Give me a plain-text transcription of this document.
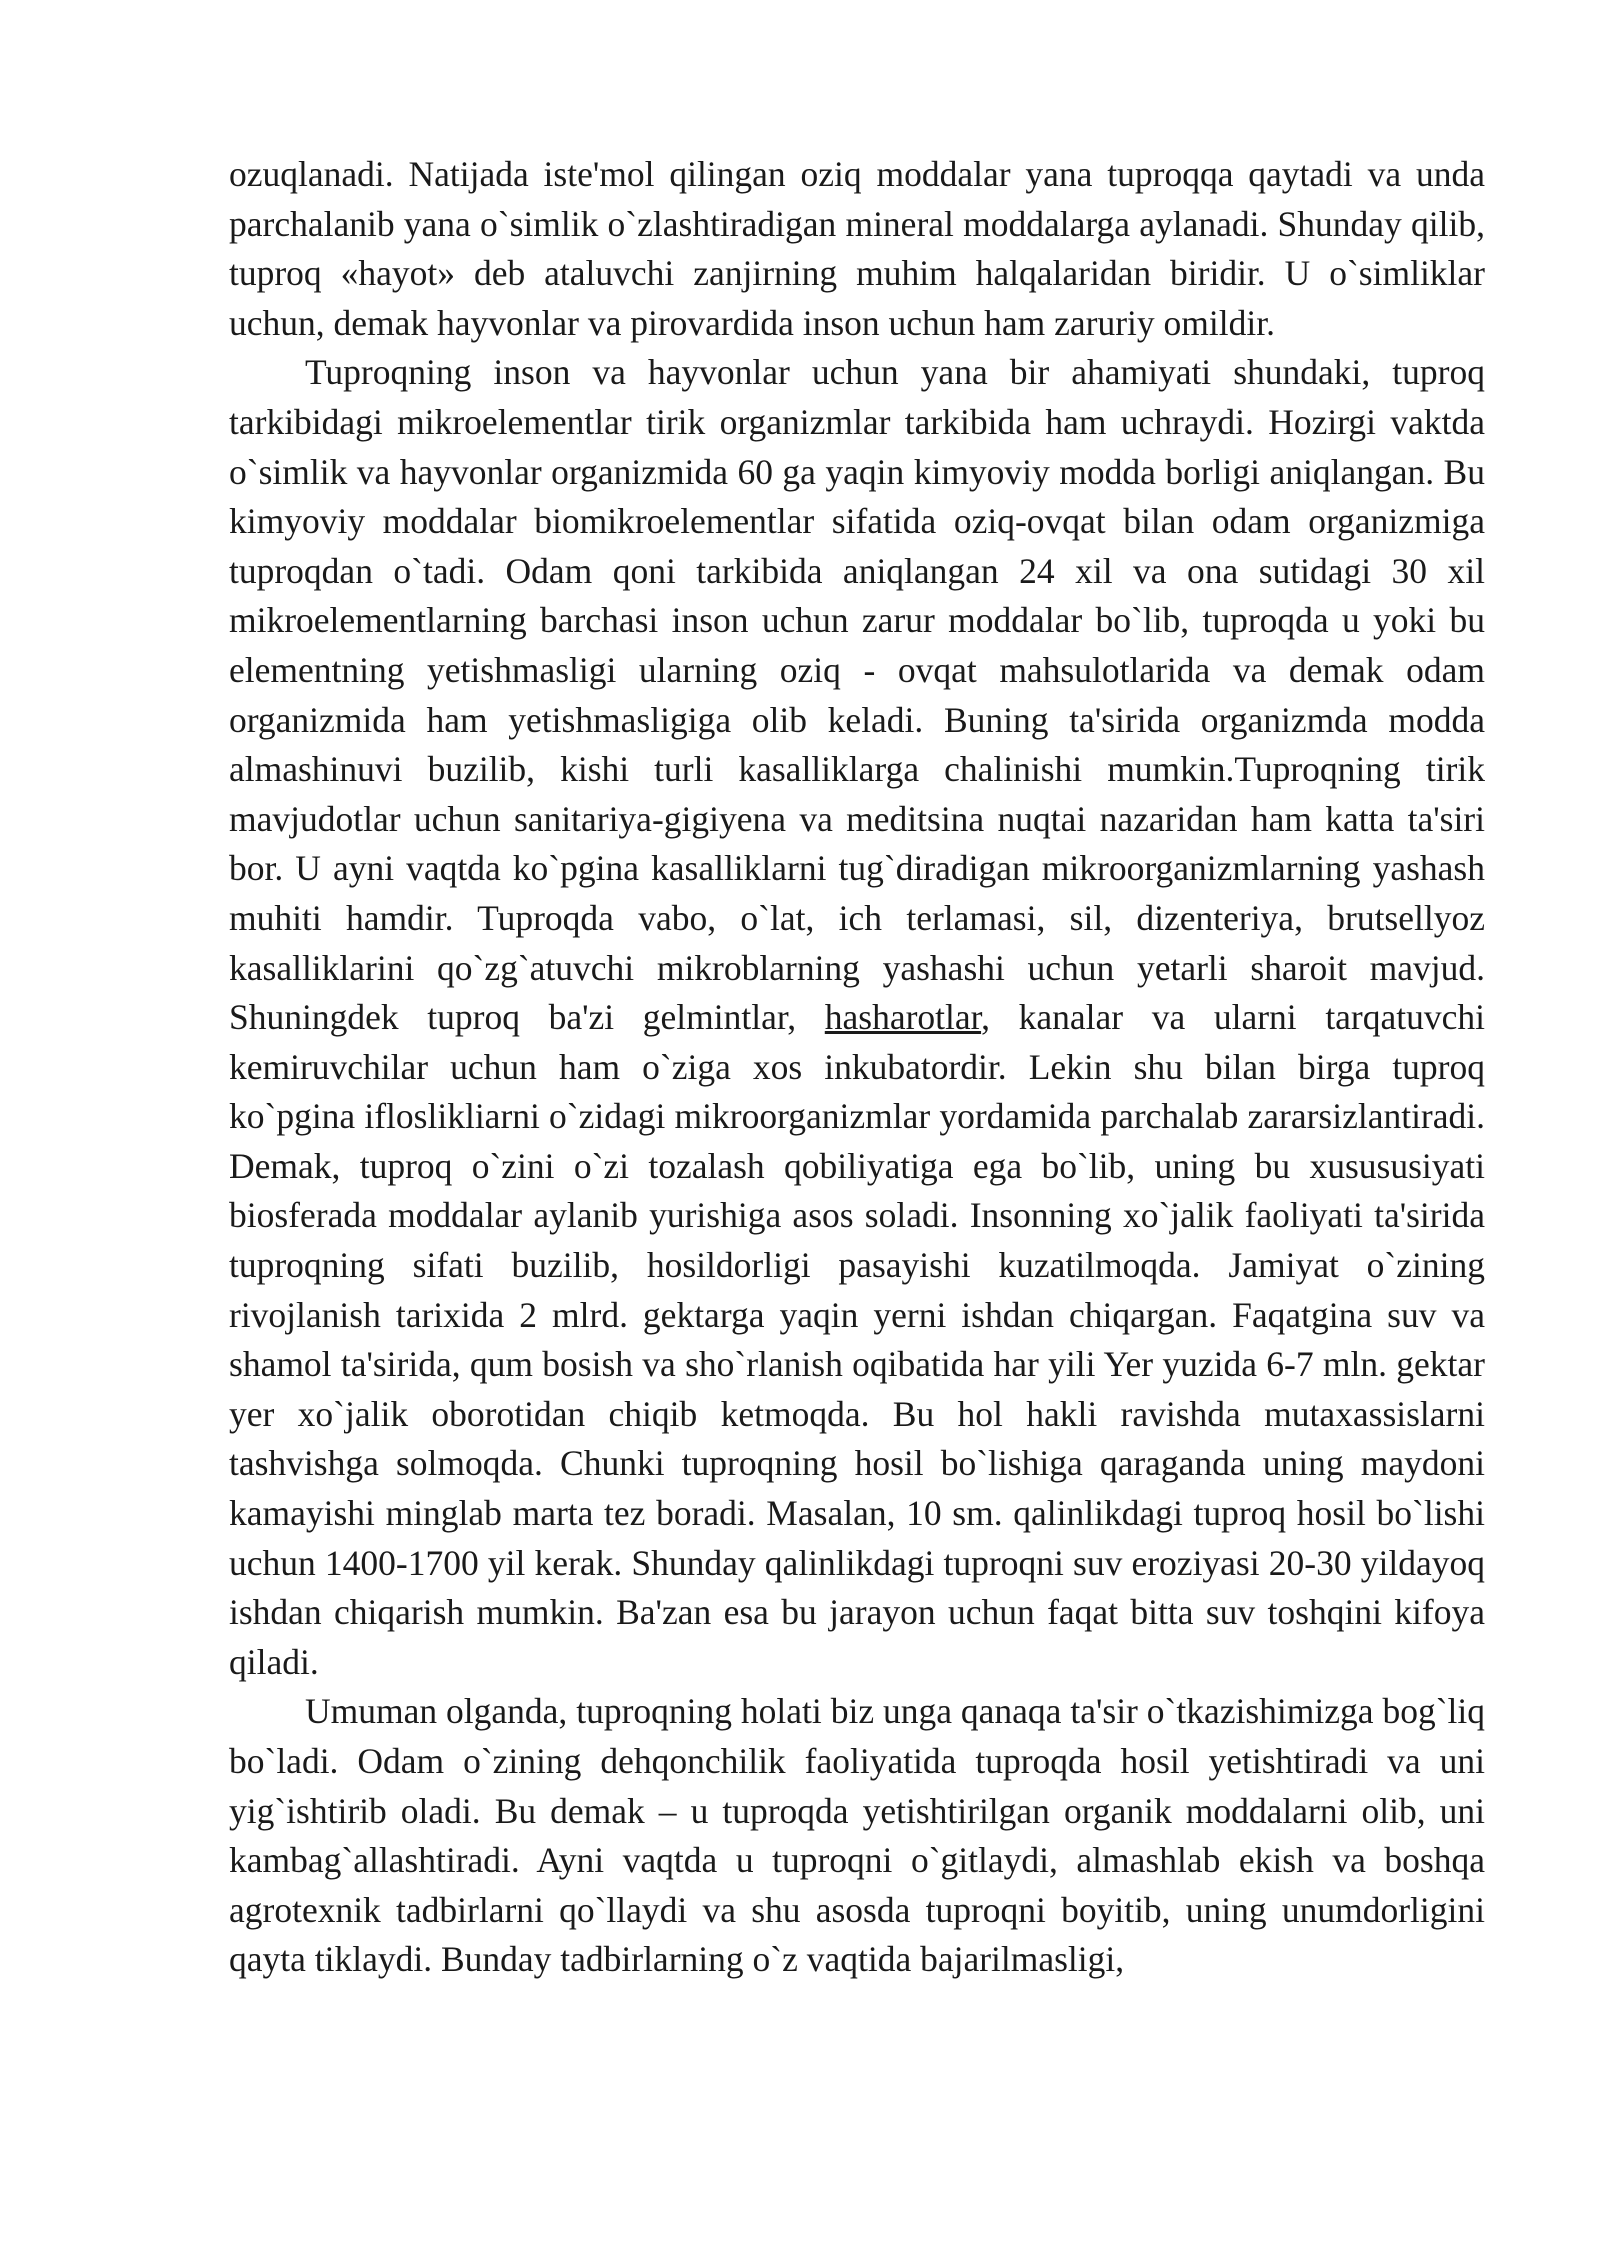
ozuqlanadi. Natijada iste'mol qilingan oziq moddalar yana tuproqqa qaytadi va unda parchalanib yana o`simlik o`zlashtiradigan mineral moddalarga aylanadi. Shunday qilib, tuproq «hayot» deb ataluvchi zanjirning muhim halqalaridan biridir. U o`simliklar uchun, demak hayvonlar va pirovardida inson uchun ham zaruriy omildir.

Tuproqning inson va hayvonlar uchun yana bir ahamiyati shundaki, tuproq tarkibidagi mikroelementlar tirik organizmlar tarkibida ham uchraydi. Hozirgi vaktda o`simlik va hayvonlar organizmida 60 ga yaqin kimyoviy modda borligi aniqlangan. Bu kimyoviy moddalar biomikroelementlar sifatida oziq-ovqat bilan odam organizmiga tuproqdan o`tadi. Odam qoni tarkibida aniqlangan 24 xil va ona sutidagi 30 xil mikroelementlarning barchasi inson uchun zarur moddalar bo`lib, tuproqda u yoki bu elementning yetishmasligi ularning oziq - ovqat mahsulotlarida va demak odam organizmida ham yetishmasligiga olib keladi. Buning ta'sirida organizmda modda almashinuvi buzilib, kishi turli kasalliklarga chalinishi mumkin.Tuproqning tirik mavjudotlar uchun sanitariya-gigiyena va meditsina nuqtai nazaridan ham katta ta'siri bor. U ayni vaqtda ko`pgina kasalliklarni tug`diradigan mikroorganizmlarning yashash muhiti hamdir. Tuproqda vabo, o`lat, ich terlamasi, sil, dizenteriya, brutsellyoz kasalliklarini qo`zg`atuvchi mikroblarning yashashi uchun yetarli sharoit mavjud. Shuningdek tuproq ba'zi gelmintlar, hasharotlar, kanalar va ularni tarqatuvchi kemiruvchilar uchun ham o`ziga xos inkubatordir. Lekin shu bilan birga tuproq ko`pgina ifloslikliarni o`zidagi mikroorganizmlar yordamida parchalab zararsizlantiradi. Demak, tuproq o`zini o`zi tozalash qobiliyatiga ega bo`lib, uning bu xusususiyati biosferada moddalar aylanib yurishiga asos soladi. Insonning xo`jalik faoliyati ta'sirida tuproqning sifati buzilib, hosildorligi pasayishi kuzatilmoqda. Jamiyat o`zining rivojlanish tarixida 2 mlrd. gektarga yaqin yerni ishdan chiqargan. Faqatgina suv va shamol ta'sirida, qum bosish va sho`rlanish oqibatida har yili Yer yuzida 6-7 mln. gektar yer xo`jalik oborotidan chiqib ketmoqda. Bu hol hakli ravishda mutaxassislarni tashvishga solmoqda. Chunki tuproqning hosil bo`lishiga qaraganda uning maydoni kamayishi minglab marta tez boradi. Masalan, 10 sm. qalinlikdagi tuproq hosil bo`lishi uchun 1400-1700 yil kerak. Shunday qalinlikdagi tuproqni suv eroziyasi 20-30 yildayoq ishdan chiqarish mumkin. Ba'zan esa bu jarayon uchun faqat bitta suv toshqini kifoya qiladi.

Umuman olganda, tuproqning holati biz unga qanaqa ta'sir o`tkazishimizga bog`liq bo`ladi. Odam o`zining dehqonchilik faoliyatida tuproqda hosil yetishtiradi va uni yig`ishtirib oladi. Bu demak – u tuproqda yetishtirilgan organik moddalarni olib, uni kambag`allashtiradi. Ayni vaqtda u tuproqni o`gitlaydi, almashlab ekish va boshqa agrotexnik tadbirlarni qo`llaydi va shu asosda tuproqni boyitib, uning unumdorligini qayta tiklaydi. Bunday tadbirlarning o`z vaqtida bajarilmasligi,
